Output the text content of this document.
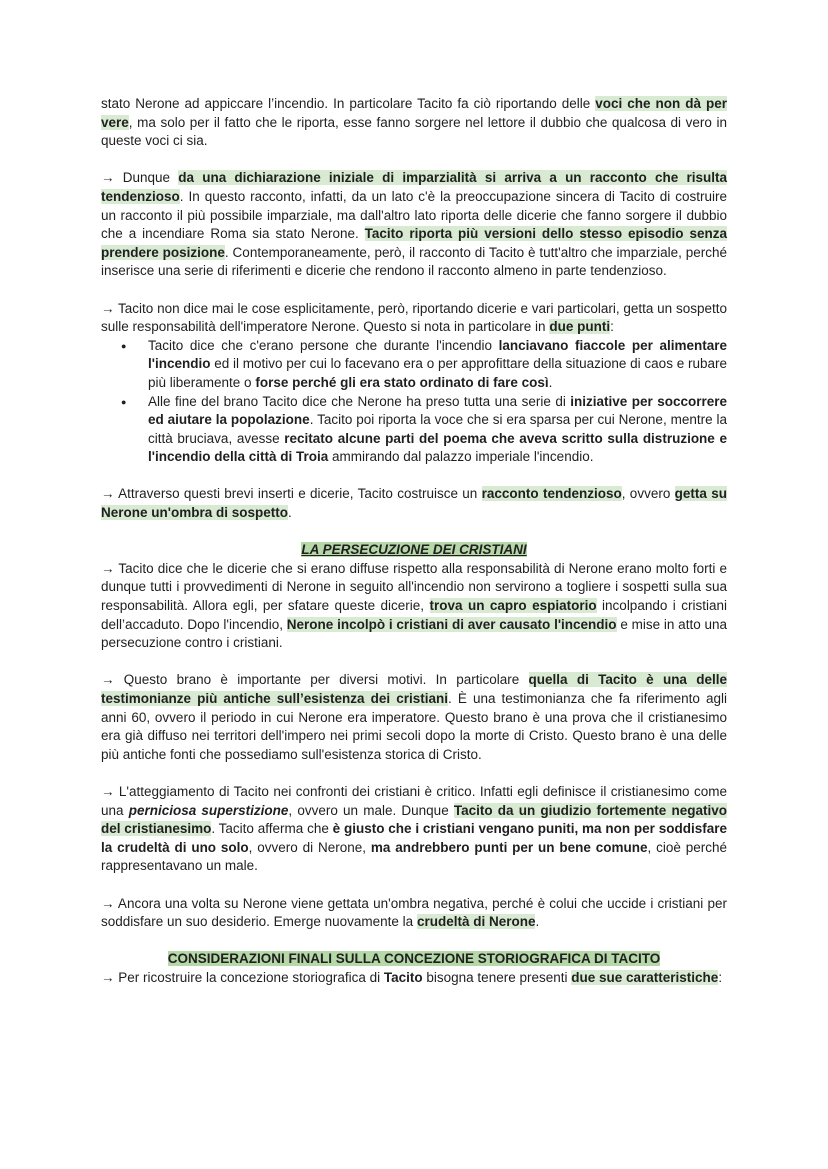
stato Nerone ad appiccare l’incendio. In particolare Tacito fa ciò riportando delle voci che non dà per vere, ma solo per il fatto che le riporta, esse fanno sorgere nel lettore il dubbio che qualcosa di vero in queste voci ci sia.

→ Dunque da una dichiarazione iniziale di imparzialità si arriva a un racconto che risulta tendenzioso. In questo racconto, infatti, da un lato c'è la preoccupazione sincera di Tacito di costruire un racconto il più possibile imparziale, ma dall'altro lato riporta delle dicerie che fanno sorgere il dubbio che a incendiare Roma sia stato Nerone. Tacito riporta più versioni dello stesso episodio senza prendere posizione. Contemporaneamente, però, il racconto di Tacito è tutt'altro che imparziale, perché inserisce una serie di riferimenti e dicerie che rendono il racconto almeno in parte tendenzioso.

→ Tacito non dice mai le cose esplicitamente, però, riportando dicerie e vari particolari, getta un sospetto sulle responsabilità dell'imperatore Nerone. Questo si nota in particolare in due punti:

● Tacito dice che c'erano persone che durante l'incendio lanciavano fiaccole per alimentare l'incendio ed il motivo per cui lo facevano era o per approfittare della situazione di caos e rubare più liberamente o forse perché gli era stato ordinato di fare così.
● Alle fine del brano Tacito dice che Nerone ha preso tutta una serie di iniziative per soccorrere ed aiutare la popolazione. Tacito poi riporta la voce che si era sparsa per cui Nerone, mentre la città bruciava, avesse recitato alcune parti del poema che aveva scritto sulla distruzione e l'incendio della città di Troia ammirando dal palazzo imperiale l'incendio.

→ Attraverso questi brevi inserti e dicerie, Tacito costruisce un racconto tendenzioso, ovvero getta su Nerone un'ombra di sospetto.

LA PERSECUZIONE DEI CRISTIANI

→ Tacito dice che le dicerie che si erano diffuse rispetto alla responsabilità di Nerone erano molto forti e dunque tutti i provvedimenti di Nerone in seguito all'incendio non servirono a togliere i sospetti sulla sua responsabilità. Allora egli, per sfatare queste dicerie, trova un capro espiatorio incolpando i cristiani dell’accaduto. Dopo l'incendio, Nerone incolpò i cristiani di aver causato l'incendio e mise in atto una persecuzione contro i cristiani.

→ Questo brano è importante per diversi motivi. In particolare quella di Tacito è una delle testimonianze più antiche sull’esistenza dei cristiani. È una testimonianza che fa riferimento agli anni 60, ovvero il periodo in cui Nerone era imperatore. Questo brano è una prova che il cristianesimo era già diffuso nei territori dell'impero nei primi secoli dopo la morte di Cristo. Questo brano è una delle più antiche fonti che possediamo sull'esistenza storica di Cristo.

→ L'atteggiamento di Tacito nei confronti dei cristiani è critico. Infatti egli definisce il cristianesimo come una perniciosa superstizione, ovvero un male. Dunque Tacito da un giudizio fortemente negativo del cristianesimo. Tacito afferma che è giusto che i cristiani vengano puniti, ma non per soddisfare la crudeltà di uno solo, ovvero di Nerone, ma andrebbero punti per un bene comune, cioè perché rappresentavano un male.

→ Ancora una volta su Nerone viene gettata un'ombra negativa, perché è colui che uccide i cristiani per soddisfare un suo desiderio. Emerge nuovamente la crudeltà di Nerone.

CONSIDERAZIONI FINALI SULLA CONCEZIONE STORIOGRAFICA DI TACITO

→ Per ricostruire la concezione storiografica di Tacito bisogna tenere presenti due sue caratteristiche:
